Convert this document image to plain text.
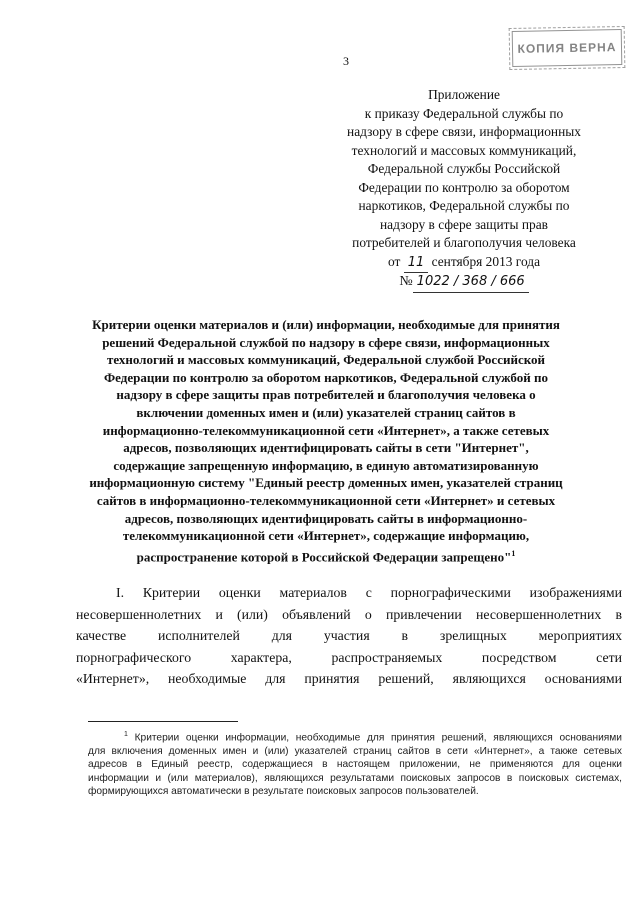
3
КОПИЯ ВЕРНА
Приложение
к приказу Федеральной службы по
надзору в сфере связи, информационных
технологий и массовых коммуникаций,
Федеральной службы Российской
Федерации по контролю за оборотом
наркотиков, Федеральной службы по
надзору в сфере защиты прав
потребителей и благополучия человека
от 11 сентября 2013 года
№ 1022 / 368 / 666
Критерии оценки материалов и (или) информации, необходимые для принятия
решений Федеральной службой по надзору в сфере связи, информационных
технологий и массовых коммуникаций, Федеральной службой Российской
Федерации по контролю за оборотом наркотиков, Федеральной службой по
надзору в сфере защиты прав потребителей и благополучия человека о
включении доменных имен и (или) указателей страниц сайтов в
информационно-телекоммуникационной сети «Интернет», а также сетевых
адресов, позволяющих идентифицировать сайты в сети "Интернет",
содержащие запрещенную информацию, в единую автоматизированную
информационную систему "Единый реестр доменных имен, указателей страниц
сайтов в информационно-телекоммуникационной сети «Интернет» и сетевых
адресов, позволяющих идентифицировать сайты в информационно-
телекоммуникационной сети «Интернет», содержащие информацию,
распространение которой в Российской Федерации запрещено"$^1$
I. Критерии оценки материалов с порнографическими изображениями
несовершеннолетних и (или) объявлений о привлечении несовершеннолетних в
качестве исполнителей для участия в зрелищных мероприятиях
порнографического характера, распространяемых посредством сети
«Интернет», необходимые для принятия решений, являющихся основаниями
$^1$ Критерии оценки информации, необходимые для принятия решений, являющихся основаниями
для включения доменных имен и (или) указателей страниц сайтов в сети «Интернет», а также сетевых
адресов в Единый реестр, содержащиеся в настоящем приложении, не применяются для оценки
информации и (или материалов), являющихся результатами поисковых запросов в поисковых системах,
формирующихся автоматически в результате поисковых запросов пользователей.
